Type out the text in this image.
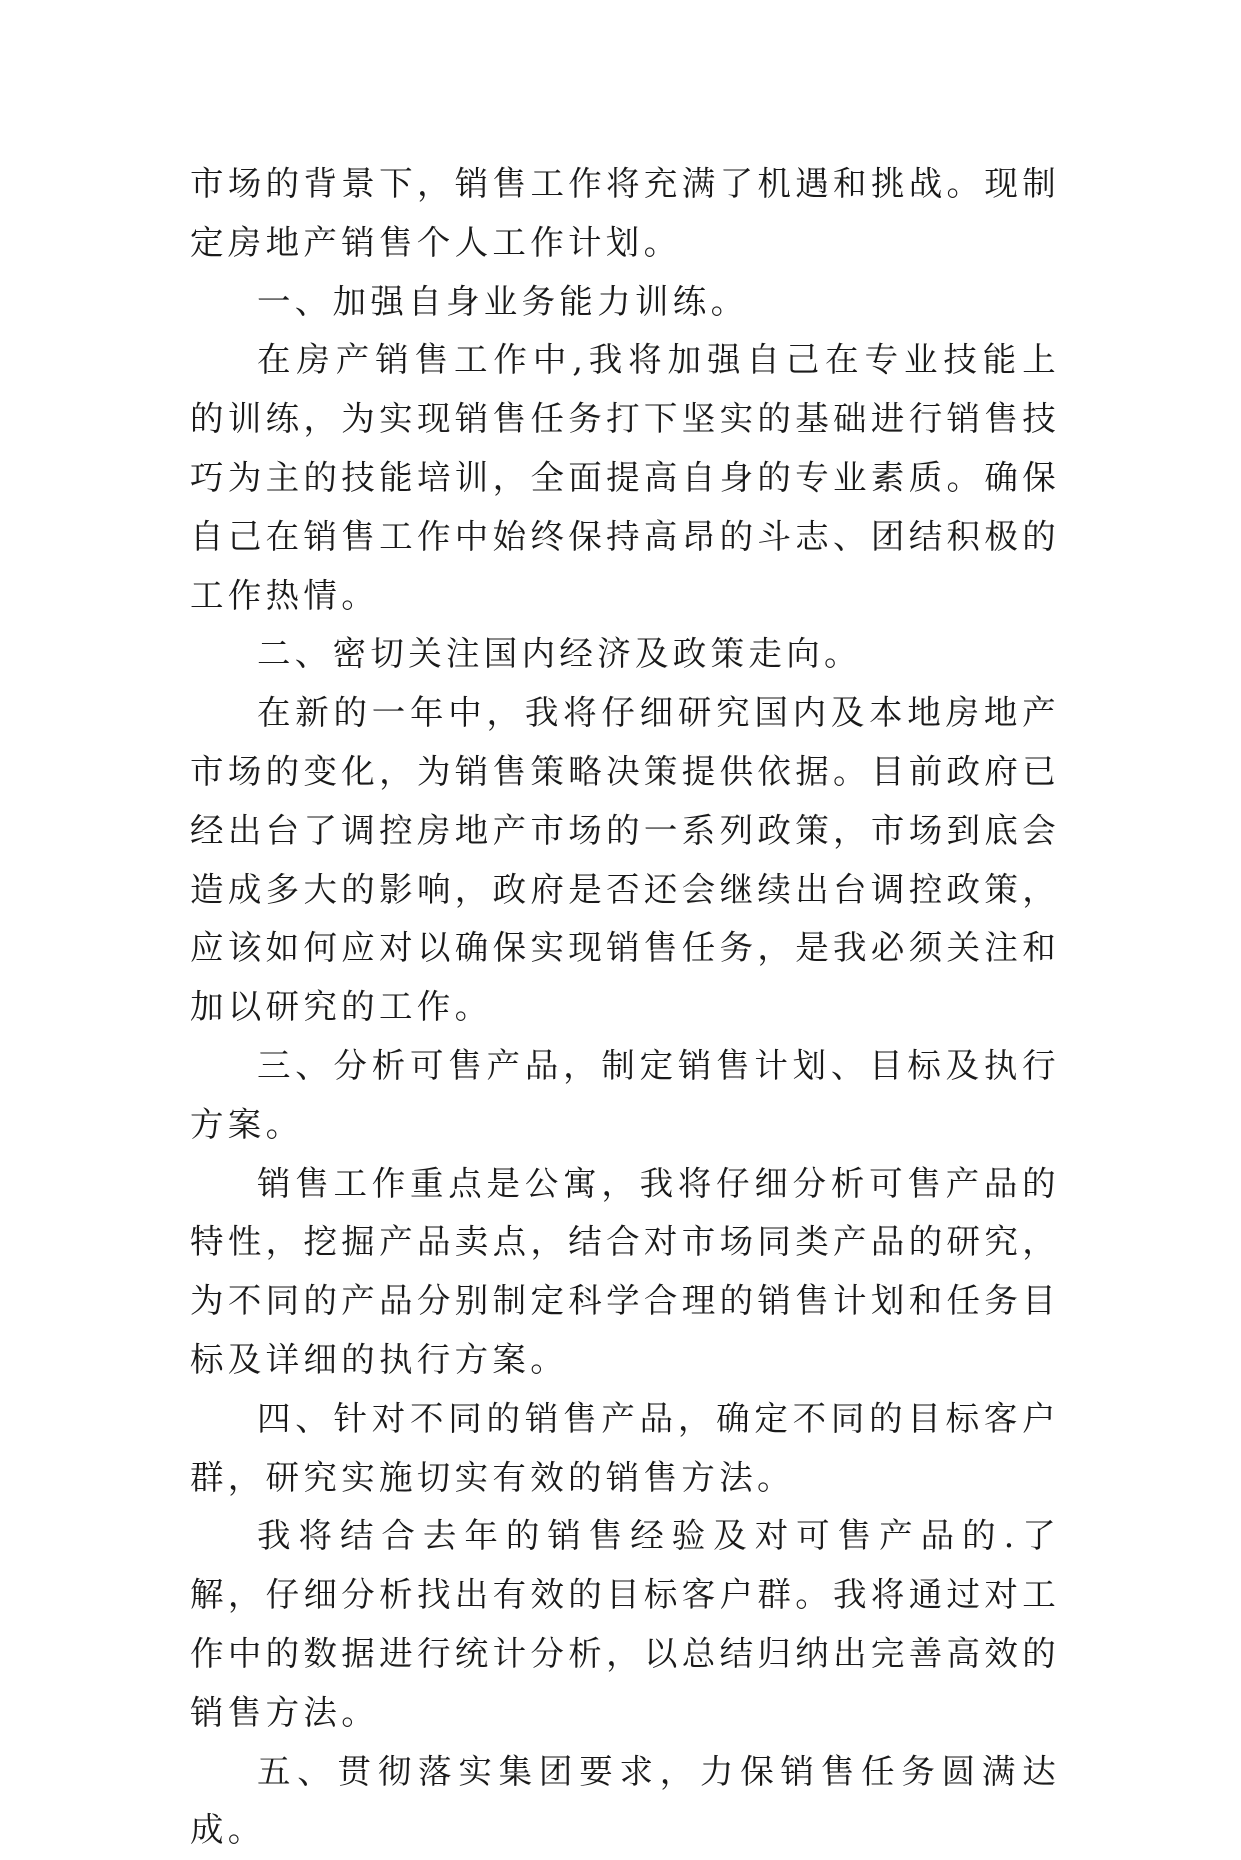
市场的背景下，销售工作将充满了机遇和挑战。现制定房地产销售个人工作计划。

一、加强自身业务能力训练。

在房产销售工作中,我将加强自己在专业技能上的训练，为实现销售任务打下坚实的基础进行销售技巧为主的技能培训，全面提高自身的专业素质。确保自己在销售工作中始终保持高昂的斗志、团结积极的工作热情。

二、密切关注国内经济及政策走向。

在新的一年中，我将仔细研究国内及本地房地产市场的变化，为销售策略决策提供依据。目前政府已经出台了调控房地产市场的一系列政策，市场到底会造成多大的影响，政府是否还会继续出台调控政策，应该如何应对以确保实现销售任务，是我必须关注和加以研究的工作。

三、分析可售产品，制定销售计划、目标及执行方案。

销售工作重点是公寓，我将仔细分析可售产品的特性，挖掘产品卖点，结合对市场同类产品的研究，为不同的产品分别制定科学合理的销售计划和任务目标及详细的执行方案。

四、针对不同的销售产品，确定不同的目标客户群，研究实施切实有效的销售方法。

我将结合去年的销售经验及对可售产品的.了解，仔细分析找出有效的目标客户群。我将通过对工作中的数据进行统计分析，以总结归纳出完善高效的销售方法。

五、贯彻落实集团要求，力保销售任务圆满达成。
